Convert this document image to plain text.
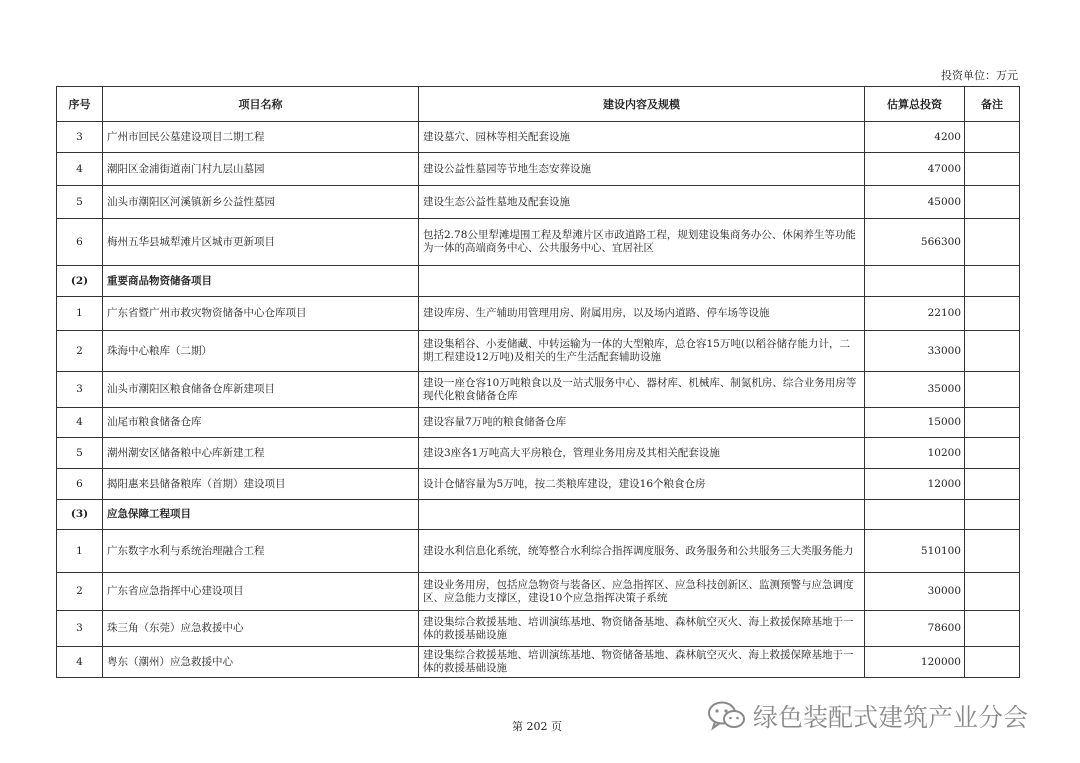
投资单位：万元
序号	项目名称	建设内容及规模	估算总投资	备注
3	广州市回民公墓建设项目二期工程	建设墓穴、园林等相关配套设施	4200	
4	潮阳区金浦街道南门村九层山墓园	建设公益性墓园等节地生态安葬设施	47000	
5	汕头市潮阳区河溪镇新乡公益性墓园	建设生态公益性墓地及配套设施	45000	
6	梅州五华县城犁滩片区城市更新项目	包括2.78公里犁滩堤围工程及犁滩片区市政道路工程，规划建设集商务办公、休闲养生等功能为一体的高端商务中心、公共服务中心、宜居社区	566300	
(2)	重要商品物资储备项目			
1	广东省暨广州市救灾物资储备中心仓库项目	建设库房、生产辅助用管理用房、附属用房，以及场内道路、停车场等设施	22100	
2	珠海中心粮库（二期）	建设集稻谷、小麦储藏、中转运输为一体的大型粮库，总仓容15万吨(以稻谷储存能力计，二期工程建设12万吨)及相关的生产生活配套辅助设施	33000	
3	汕头市潮阳区粮食储备仓库新建项目	建设一座仓容10万吨粮食以及一站式服务中心、器材库、机械库、制氮机房、综合业务用房等现代化粮食储备仓库	35000	
4	汕尾市粮食储备仓库	建设容量7万吨的粮食储备仓库	15000	
5	潮州潮安区储备粮中心库新建工程	建设3座各1万吨高大平房粮仓，管理业务用房及其相关配套设施	10200	
6	揭阳惠来县储备粮库（首期）建设项目	设计仓储容量为5万吨，按二类粮库建设，建设16个粮食仓房	12000	
(3)	应急保障工程项目			
1	广东数字水利与系统治理融合工程	建设水利信息化系统，统筹整合水利综合指挥调度服务、政务服务和公共服务三大类服务能力	510100	
2	广东省应急指挥中心建设项目	建设业务用房，包括应急物资与装备区、应急指挥区、应急科技创新区、监测预警与应急调度区、应急能力支撑区，建设10个应急指挥决策子系统	30000	
3	珠三角（东莞）应急救援中心	建设集综合救援基地、培训演练基地、物资储备基地、森林航空灭火、海上救援保障基地于一体的救援基础设施	78600	
4	粤东（潮州）应急救援中心	建设集综合救援基地、培训演练基地、物资储备基地、森林航空灭火、海上救援保障基地于一体的救援基础设施	120000	
第 202 页	绿色装配式建筑产业分会
